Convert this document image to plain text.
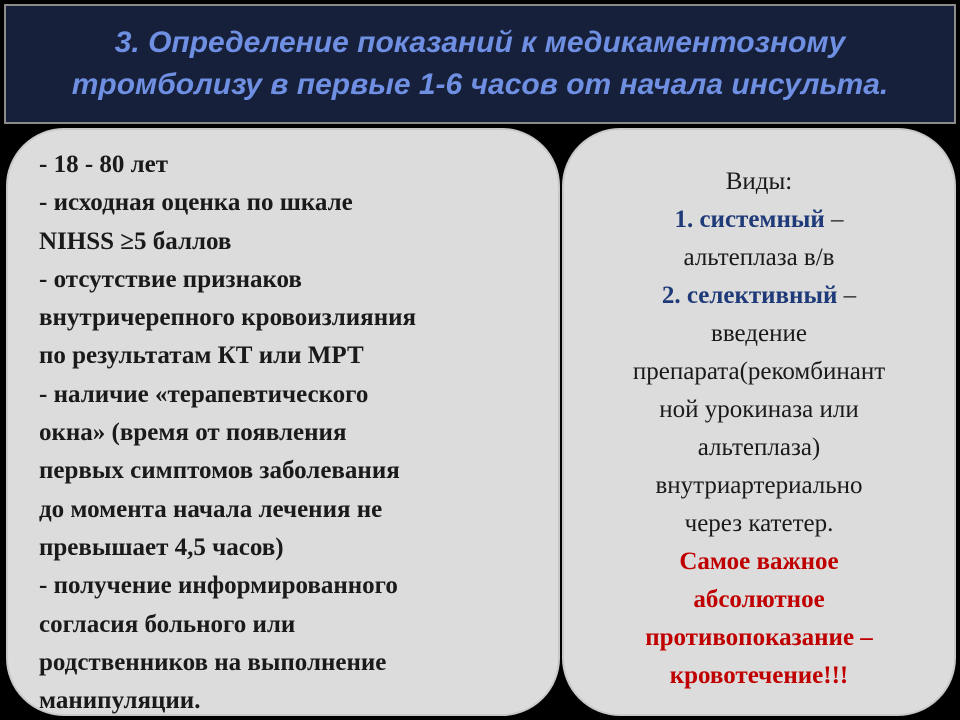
3. Определение показаний к медикаментозному
тромболизу в первые 1-6 часов от начала инсульта.
- 18 - 80 лет
- исходная оценка по шкале
NIHSS ≥5 баллов
- отсутствие признаков
внутричерепного кровоизлияния
по результатам КТ или МРТ
- наличие «терапевтического
окна» (время от появления
первых симптомов заболевания
до момента начала лечения не
превышает 4,5 часов)
- получение информированного
согласия больного или
родственников на выполнение
манипуляции.
Виды:
1. системный –
альтеплаза в/в
2. селективный –
введение
препарата(рекомбинант
ной урокиназа или
альтеплаза)
внутриартериально
через катетер.
Самое важное
абсолютное
противопоказание –
кровотечение!!!
